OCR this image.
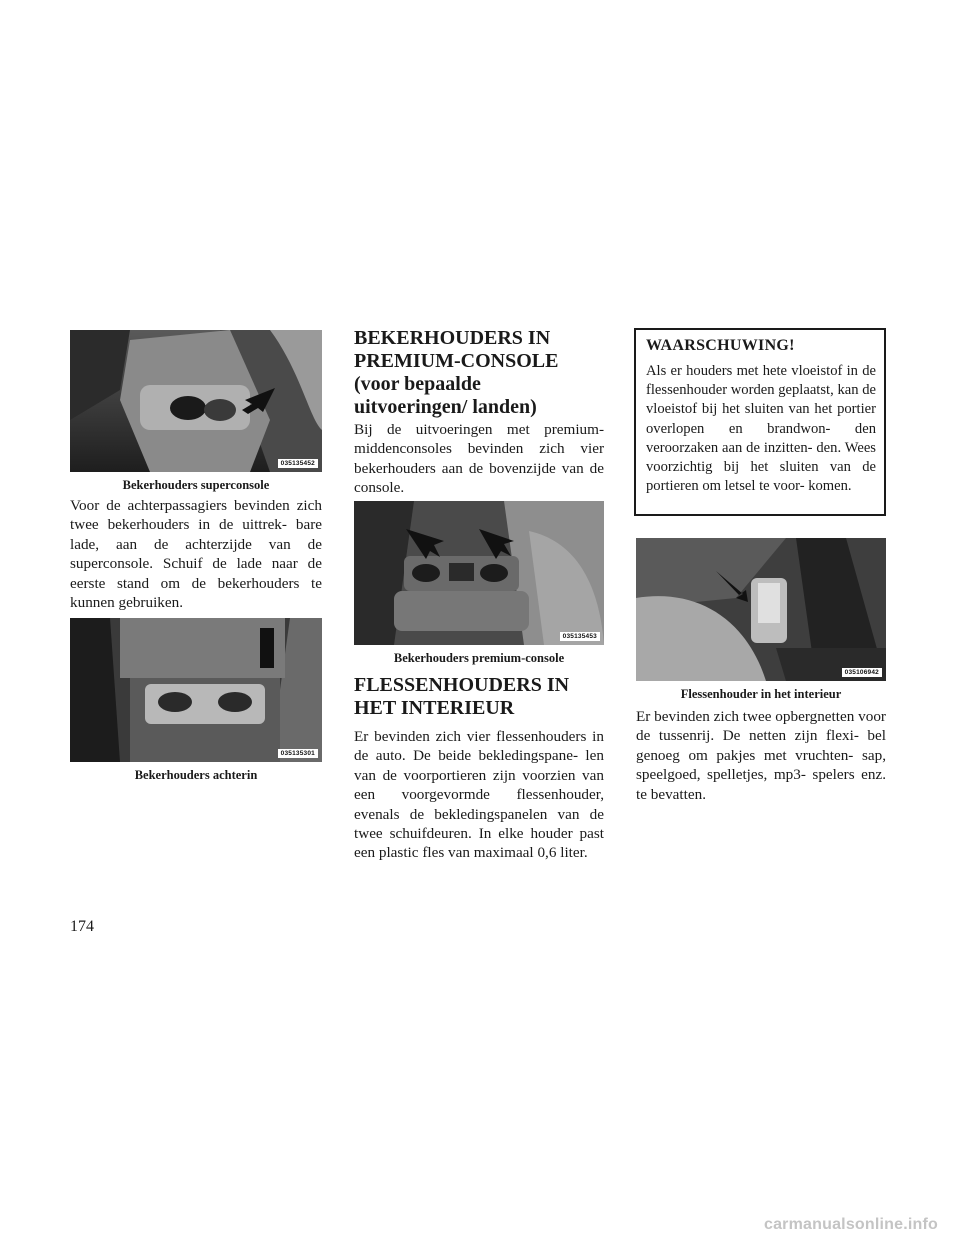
035135452
Bekerhouders superconsole

Voor de achterpassagiers bevinden zich twee bekerhouders in de uittrek- bare lade, aan de achterzijde van de superconsole. Schuif de lade naar de eerste stand om de bekerhouders te kunnen gebruiken.

035135301
Bekerhouders achterin
BEKERHOUDERS IN PREMIUM-CONSOLE (voor bepaalde uitvoeringen/ landen)

Bij de uitvoeringen met premium- middenconsoles bevinden zich vier bekerhouders aan de bovenzijde van de console.

035135453
Bekerhouders premium-console
FLESSENHOUDERS IN HET INTERIEUR

Er bevinden zich vier flessenhouders in de auto. De beide bekledingspane- len van de voorportieren zijn voorzien van een voorgevormde flessenhouder, evenals de bekledingspanelen van de twee schuifdeuren. In elke houder past een plastic fles van maximaal 0,6 liter.

WAARSCHUWING!

Als er houders met hete vloeistof in de flessenhouder worden geplaatst, kan de vloeistof bij het sluiten van het portier overlopen en brandwon- den veroorzaken aan de inzitten- den. Wees voorzichtig bij het sluiten van de portieren om letsel te voor- komen.

035106942
Flessenhouder in het interieur

Er bevinden zich twee opbergnetten voor de tussenrij. De netten zijn flexi- bel genoeg om pakjes met vruchten- sap, speelgoed, spelletjes, mp3- spelers enz. te bevatten.

174
carmanualsonline.info
